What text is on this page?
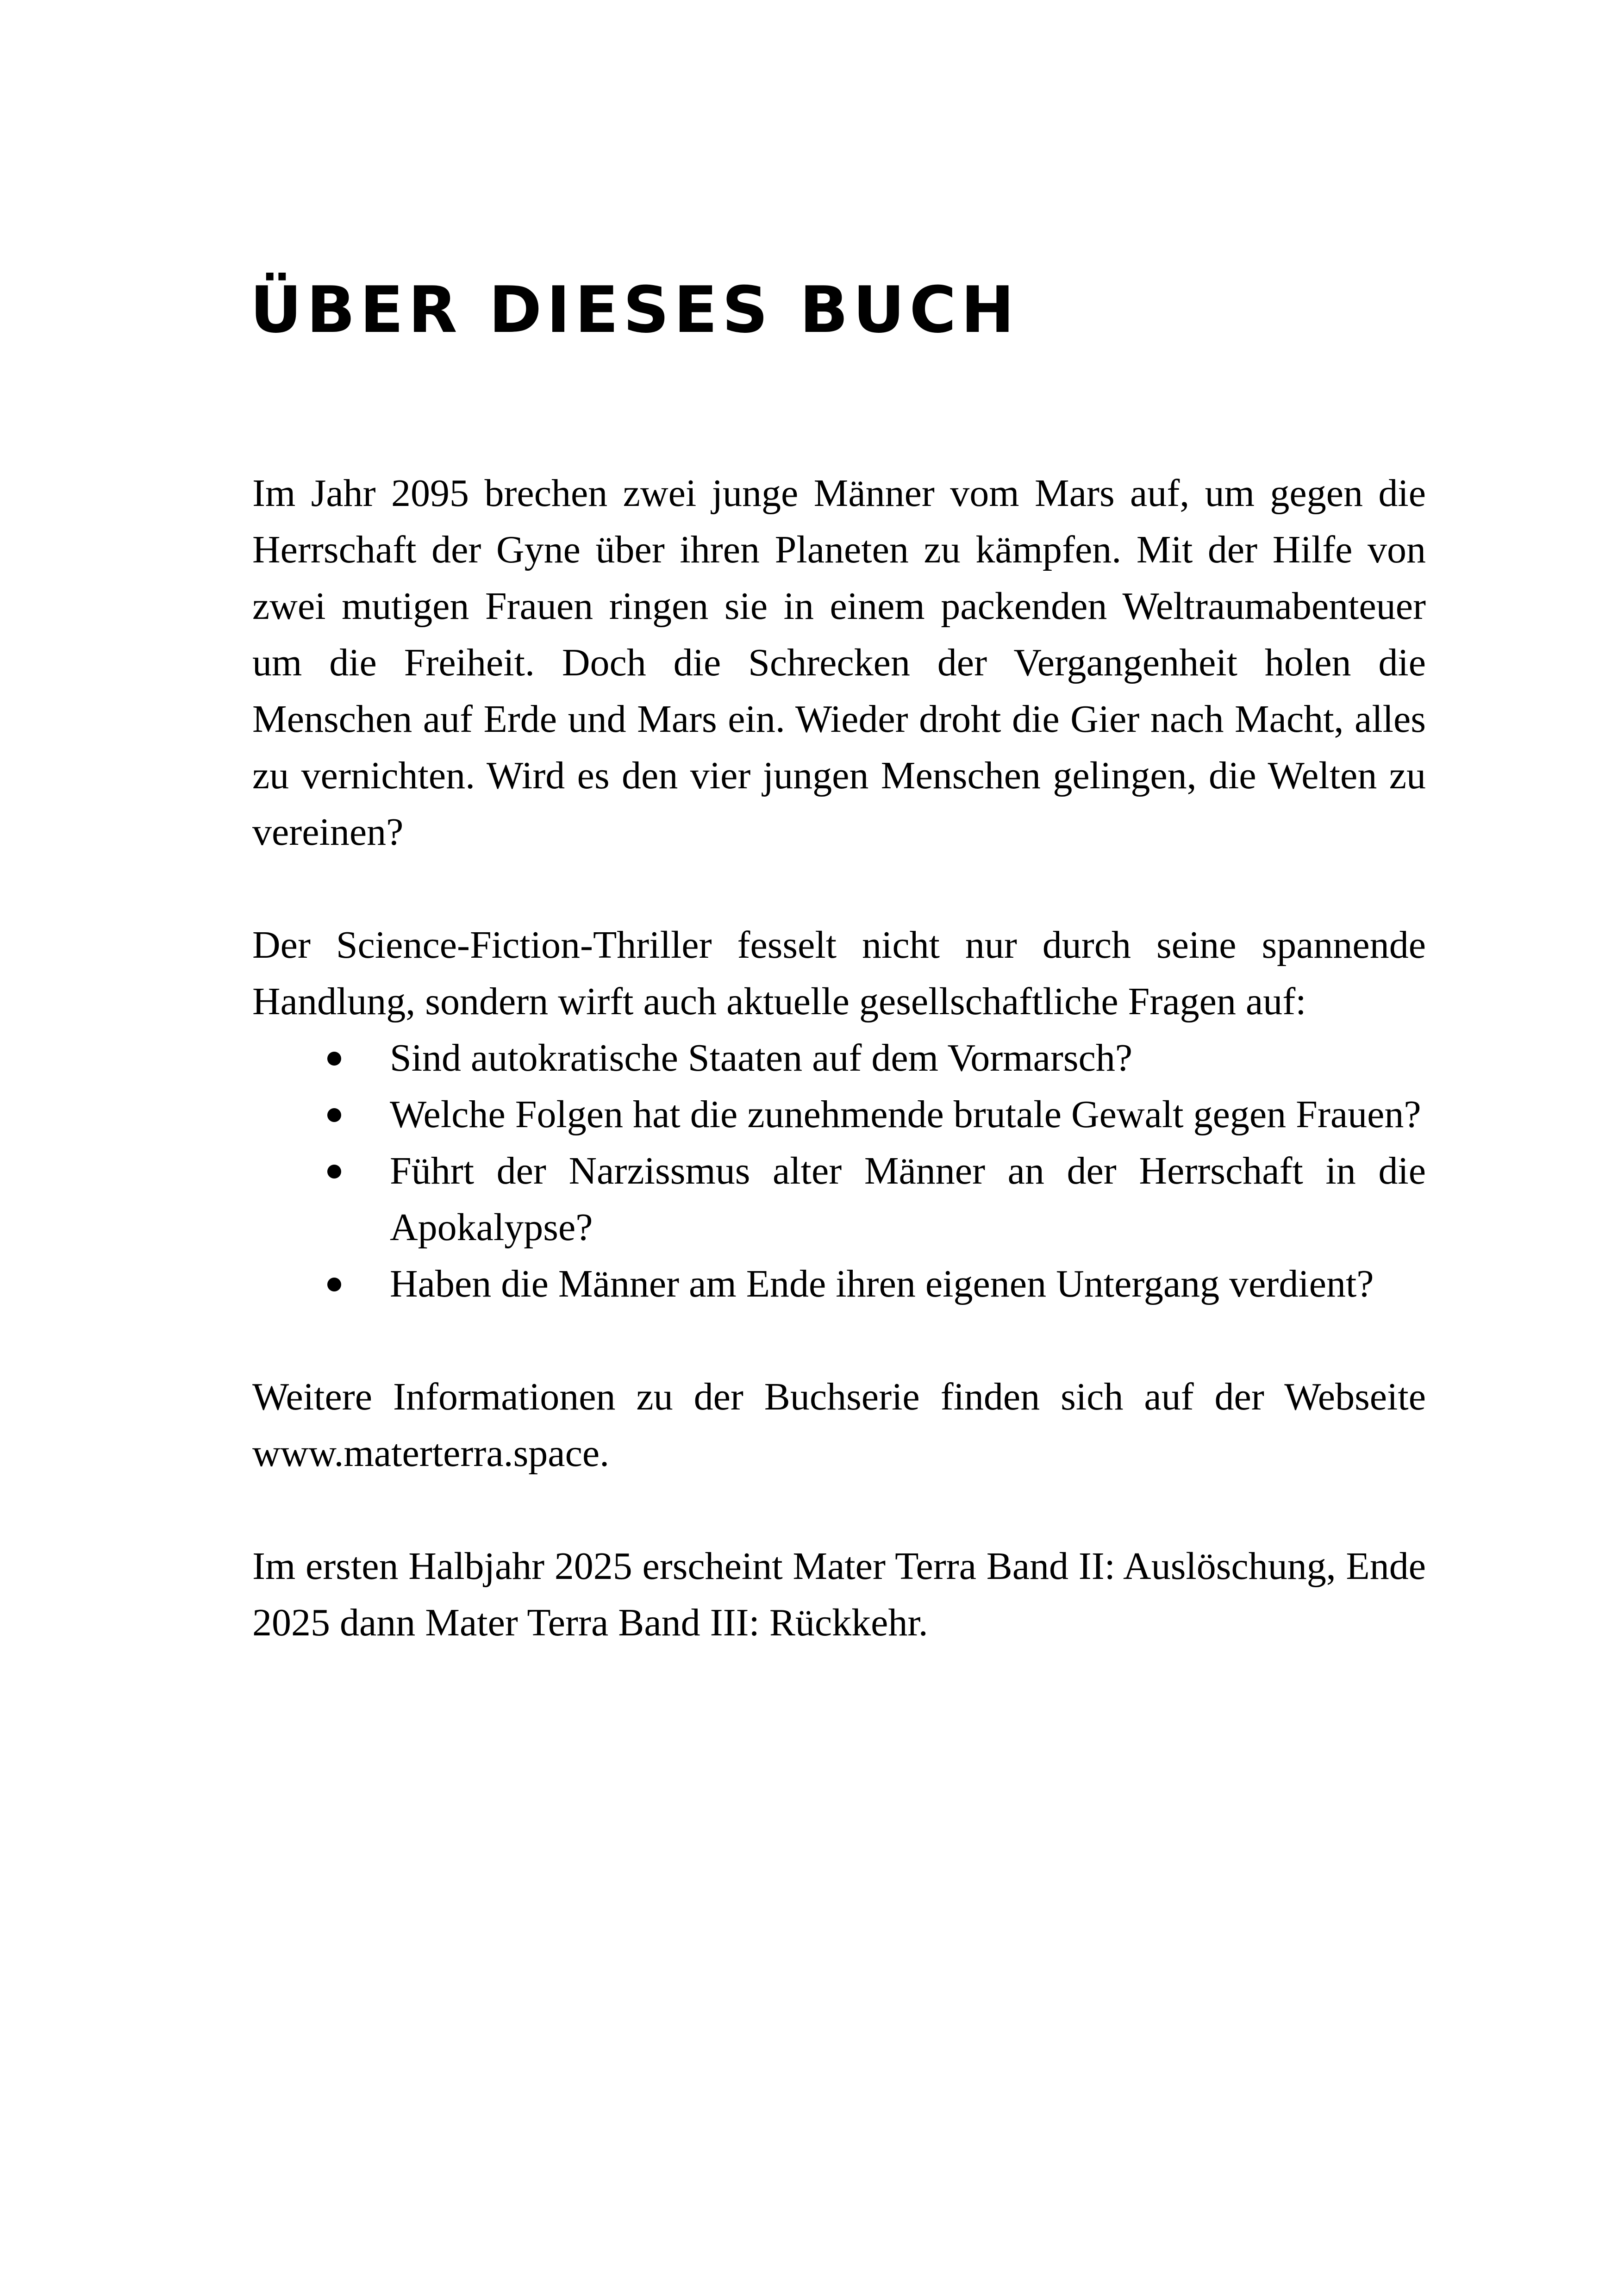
ÜBER DIESES BUCH

Im Jahr 2095 brechen zwei junge Männer vom Mars auf, um gegen die Herrschaft der Gyne über ihren Planeten zu kämpfen. Mit der Hilfe von zwei mutigen Frauen ringen sie in einem packenden Weltraumabenteuer um die Freiheit. Doch die Schrecken der Vergangenheit holen die Menschen auf Erde und Mars ein. Wieder droht die Gier nach Macht, alles zu vernichten. Wird es den vier jungen Menschen gelingen, die Welten zu vereinen?

Der Science-Fiction-Thriller fesselt nicht nur durch seine spannende Handlung, sondern wirft auch aktuelle gesellschaftliche Fragen auf:

Sind autokratische Staaten auf dem Vormarsch?
Welche Folgen hat die zunehmende brutale Gewalt gegen Frauen?
Führt der Narzissmus alter Männer an der Herrschaft in die Apokalypse?
Haben die Männer am Ende ihren eigenen Untergang verdient?

Weitere Informationen zu der Buchserie finden sich auf der Webseite www.materterra.space.

Im ersten Halbjahr 2025 erscheint Mater Terra Band II: Auslöschung, Ende 2025 dann Mater Terra Band III: Rückkehr.
